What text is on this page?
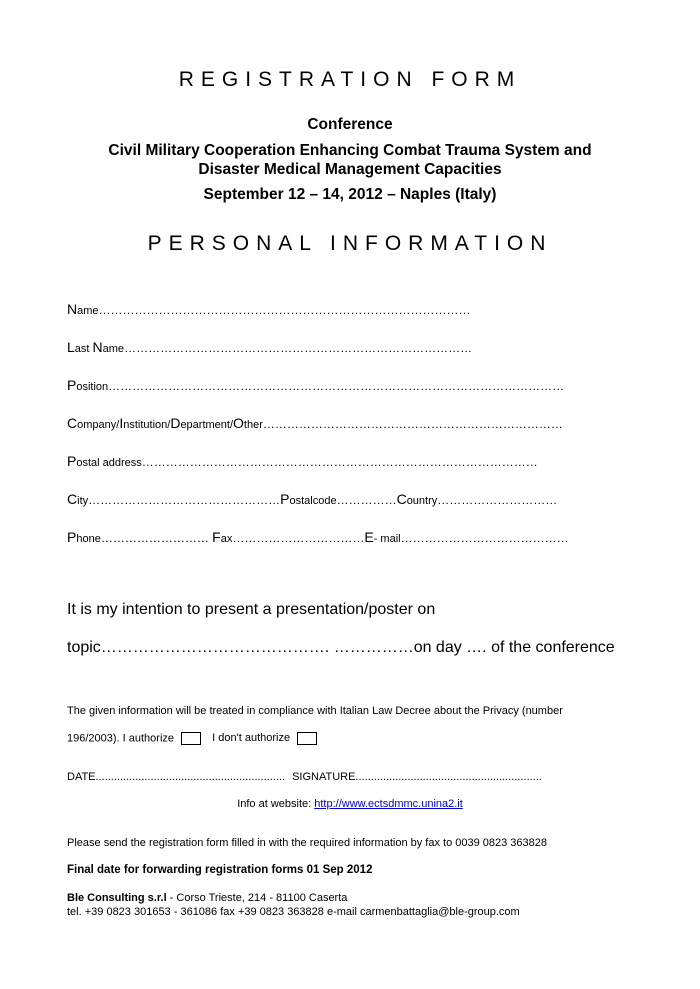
REGISTRATION FORM
Conference
Civil Military Cooperation Enhancing Combat Trauma System and
Disaster Medical Management Capacities
September 12 – 14, 2012 – Naples (Italy)
PERSONAL INFORMATION
Name…………………………………………………………………………………
Last Name……………………………………………………………………………
Position……………………………………………………………………………………………………
Company/Institution/Department/Other…………………………………………………………………
Postal address………………………………………………………………………………………
City…………………………………………Postalcode……………Country…………………………
Phone……………………… Fax……………………………E- mail……………………………………
It is my intention to present a presentation/poster on
topic……………………………………. ……………on day …. of the conference
The given information will be treated in compliance with Italian Law Decree about the Privacy (number
196/2003). I authorize	I don't authorize
DATE.............................................................. SIGNATURE.............................................................
Info at website: http://www.ectsdmmc.unina2.it
Please send the registration form filled in with the required information by fax to 0039 0823 363828
Final date for forwarding registration forms 01 Sep 2012
Ble Consulting s.r.l - Corso Trieste, 214 - 81100 Caserta
tel. +39 0823 301653 - 361086 fax +39 0823 363828 e-mail carmenbattaglia@ble-group.com
